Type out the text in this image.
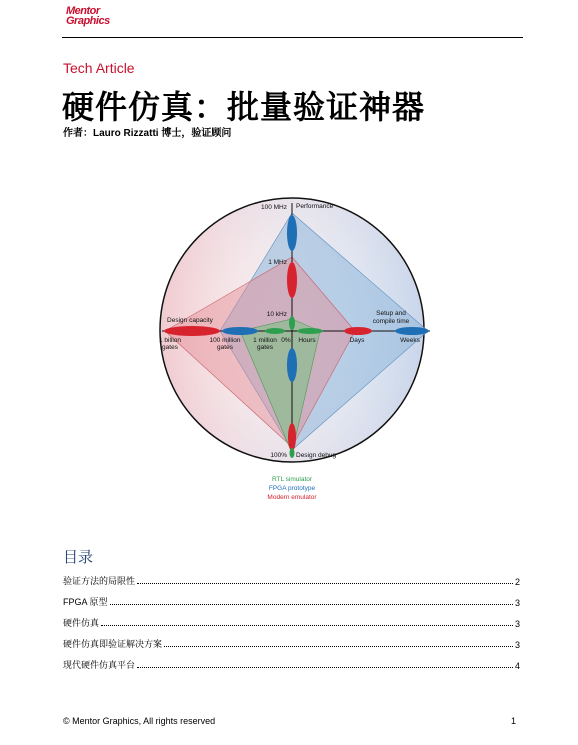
Mentor
Graphics
Tech Article
硬件仿真：批量验证神器
作者：Lauro Rizzatti 博士，验证顾问
100 MHz Performance
1 MHz
10 kHz
Design capacity
1 billion
gates
100 million
gates
1 million
gates
0% Hours	Days	Weeks
Setup and
compile time
100% Design debug
RTL simulator
FPGA prototype
Modern emulator
目录
验证方法的局限性	2
FPGA 原型	3
硬件仿真	3
硬件仿真即验证解决方案	3
现代硬件仿真平台	4
© Mentor Graphics, All rights reserved	1
